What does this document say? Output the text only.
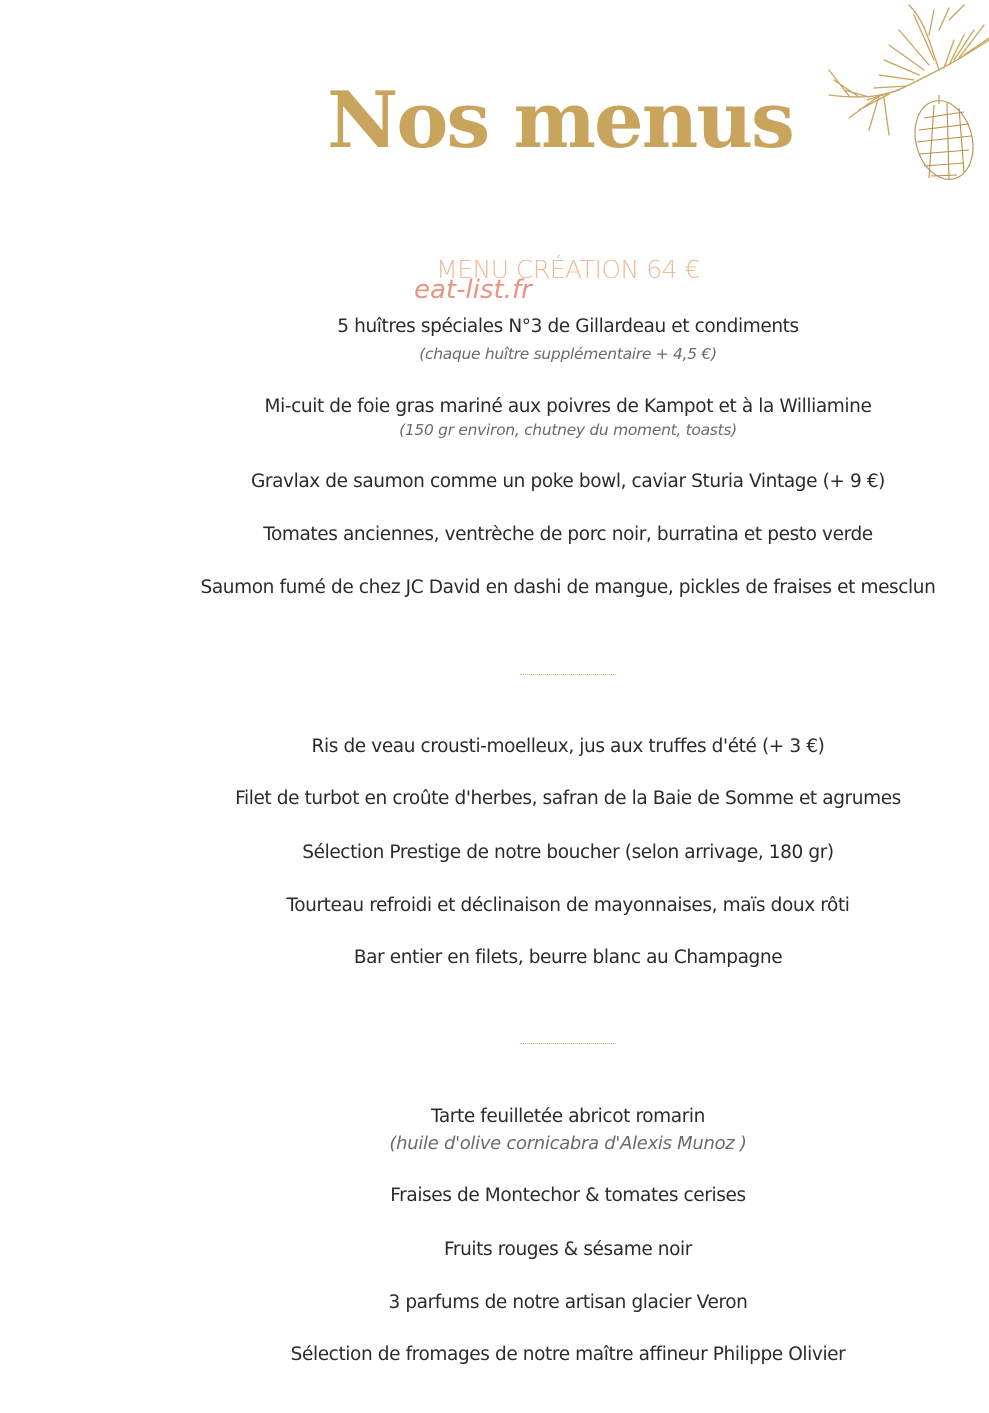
Nos menus
MENU CRÉATION 64 €
eat-list.fr
5 huîtres spéciales N°3 de Gillardeau et condiments
(chaque huître supplémentaire + 4,5 €)
Mi-cuit de foie gras mariné aux poivres de Kampot et à la Williamine
(150 gr environ, chutney du moment, toasts)
Gravlax de saumon comme un poke bowl, caviar Sturia Vintage (+ 9 €)
Tomates anciennes, ventrèche de porc noir, burratina et pesto verde
Saumon fumé de chez JC David en dashi de mangue, pickles de fraises et mesclun
Ris de veau crousti-moelleux, jus aux truffes d'été (+ 3 €)
Filet de turbot en croûte d'herbes, safran de la Baie de Somme et agrumes
Sélection Prestige de notre boucher (selon arrivage, 180 gr)
Tourteau refroidi et déclinaison de mayonnaises, maïs doux rôti
Bar entier en filets, beurre blanc au Champagne
Tarte feuilletée abricot romarin
(huile d'olive cornicabra d'Alexis Munoz )
Fraises de Montechor & tomates cerises
Fruits rouges & sésame noir
3 parfums de notre artisan glacier Veron
Sélection de fromages de notre maître affineur Philippe Olivier
